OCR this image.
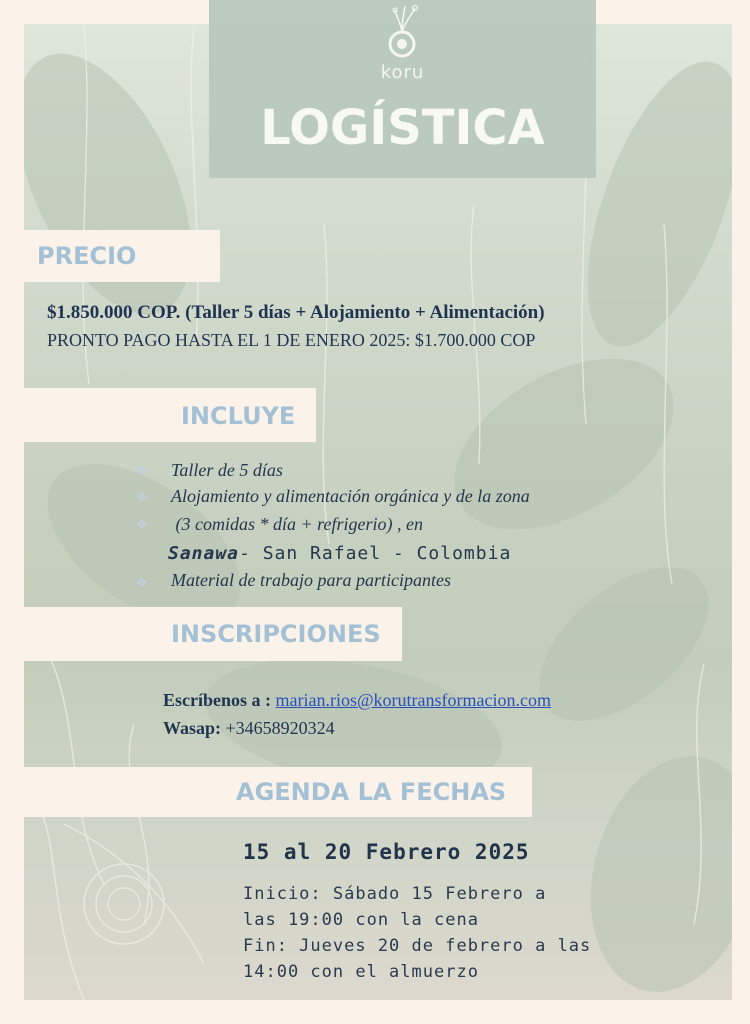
koru
LOGÍSTICA
PRECIO
$1.850.000 COP. (Taller 5 días + Alojamiento + Alimentación)
PRONTO PAGO HASTA EL 1 DE ENERO 2025: $1.700.000 COP
INCLUYE
❖ Taller de 5 días
❖ Alojamiento y alimentación orgánica y de la zona
❖ (3 comidas * día + refrigerio) , en
Sanawa- San Rafael - Colombia
❖ Material de trabajo para participantes
INSCRIPCIONES
Escríbenos a : marian.rios@korutransformacion.com
Wasap: +34658920324
AGENDA LA FECHAS
15 al 20 Febrero 2025
Inicio: Sábado 15 Febrero a
las 19:00 con la cena
Fin: Jueves 20 de febrero a las
14:00 con el almuerzo
